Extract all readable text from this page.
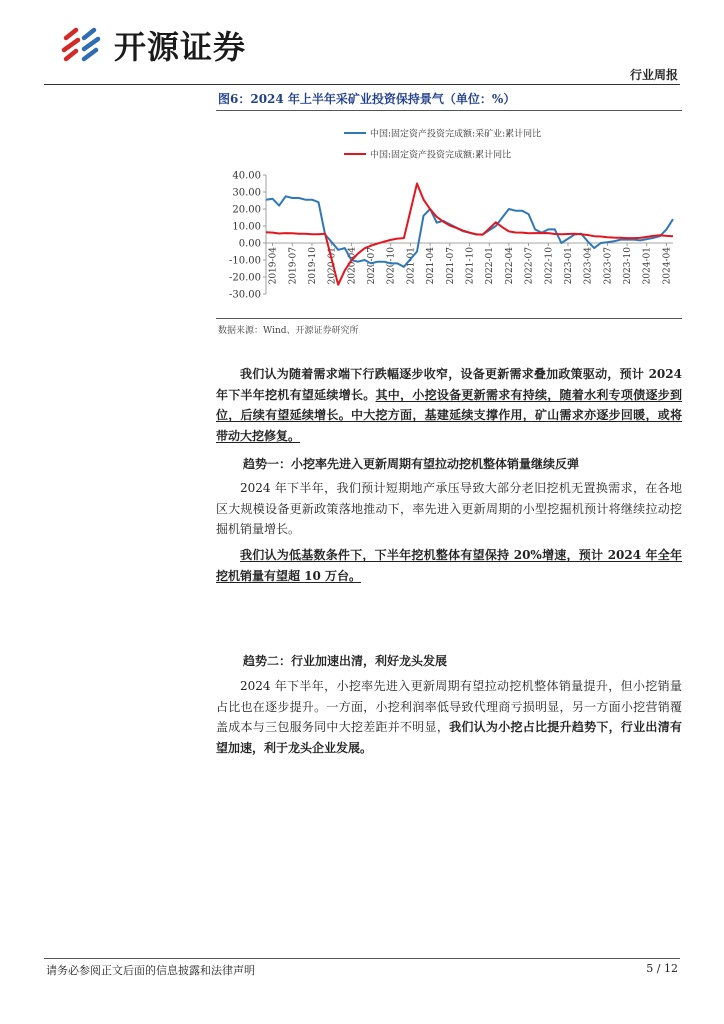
开源证券
行业周报
图6：2024 年上半年采矿业投资保持景气（单位：%）
中国:固定资产投资完成额:采矿业:累计同比
中国:固定资产投资完成额:累计同比
40.00
30.00
20.00
10.00
0.00
-10.00
-20.00
-30.00
2019-04 2019-07 2019-10 2020-01 2020-04 2020-07 2020-10 2021-01 2021-04 2021-07 2021-10 2022-01 2022-04 2022-07 2022-10 2023-01 2023-04 2023-07 2023-10 2024-01 2024-04
数据来源：Wind、开源证券研究所

我们认为随着需求端下行跌幅逐步收窄，设备更新需求叠加政策驱动，预计 2024 年下半年挖机有望延续增长。其中，小挖设备更新需求有持续，随着水利专项债逐步到位，后续有望延续增长。中大挖方面，基建延续支撑作用，矿山需求亦逐步回暖，或将带动大挖修复。

趋势一：小挖率先进入更新周期有望拉动挖机整体销量继续反弹

2024 年下半年，我们预计短期地产承压导致大部分老旧挖机无置换需求，在各地区大规模设备更新政策落地推动下，率先进入更新周期的小型挖掘机预计将继续拉动挖掘机销量增长。

我们认为低基数条件下，下半年挖机整体有望保持 20%增速，预计 2024 年全年挖机销量有望超 10 万台。

趋势二：行业加速出清，利好龙头发展

2024 年下半年，小挖率先进入更新周期有望拉动挖机整体销量提升，但小挖销量占比也在逐步提升。一方面，小挖利润率低导致代理商亏损明显，另一方面小挖营销覆盖成本与三包服务同中大挖差距并不明显，我们认为小挖占比提升趋势下，行业出清有望加速，利于龙头企业发展。

请务必参阅正文后面的信息披露和法律声明	5 / 12
